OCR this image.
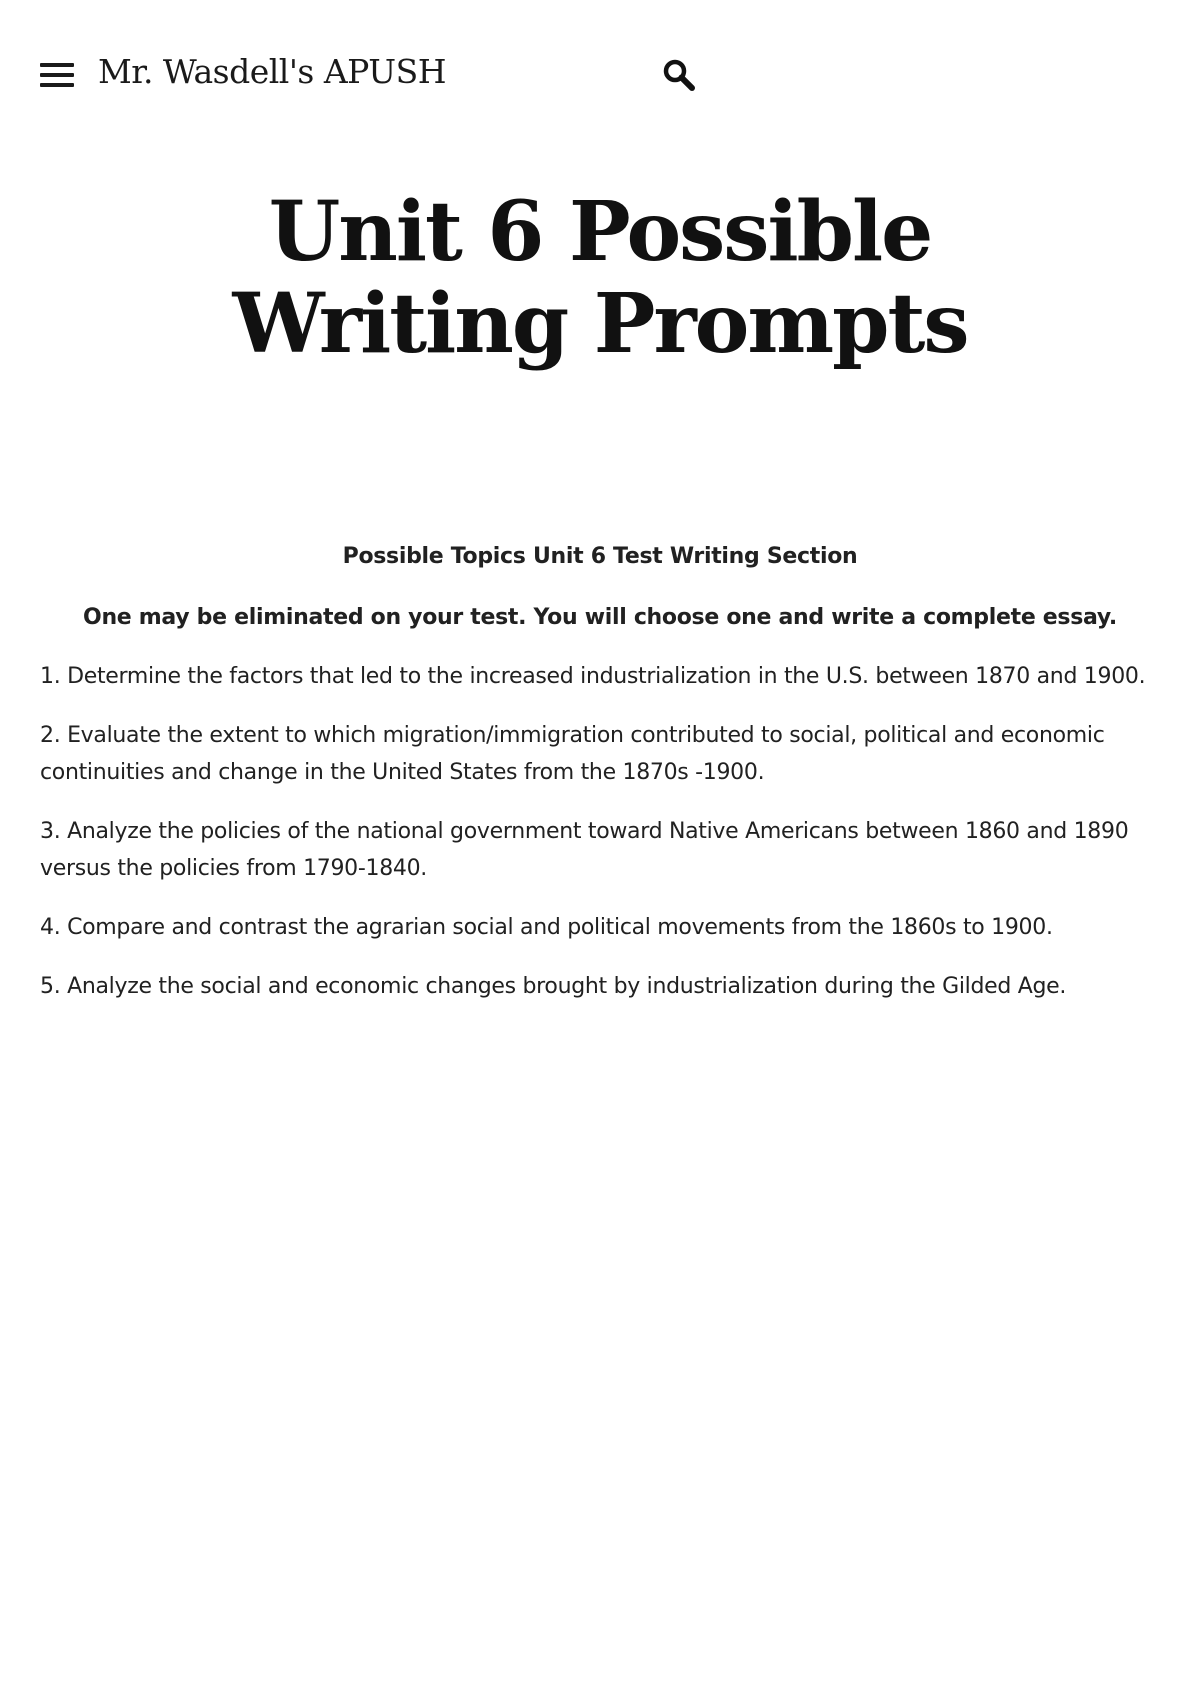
Mr. Wasdell's APUSH
Unit 6 Possible Writing Prompts

Possible Topics Unit 6 Test Writing Section

One may be eliminated on your test. You will choose one and write a complete essay.

1. Determine the factors that led to the increased industrialization in the U.S. between 1870 and 1900.

2. Evaluate the extent to which migration/immigration contributed to social, political and economic continuities and change in the United States from the 1870s -1900.

3. Analyze the policies of the national government toward Native Americans between 1860 and 1890 versus the policies from 1790-1840.

4. Compare and contrast the agrarian social and political movements from the 1860s to 1900.

5. Analyze the social and economic changes brought by industrialization during the Gilded Age.
